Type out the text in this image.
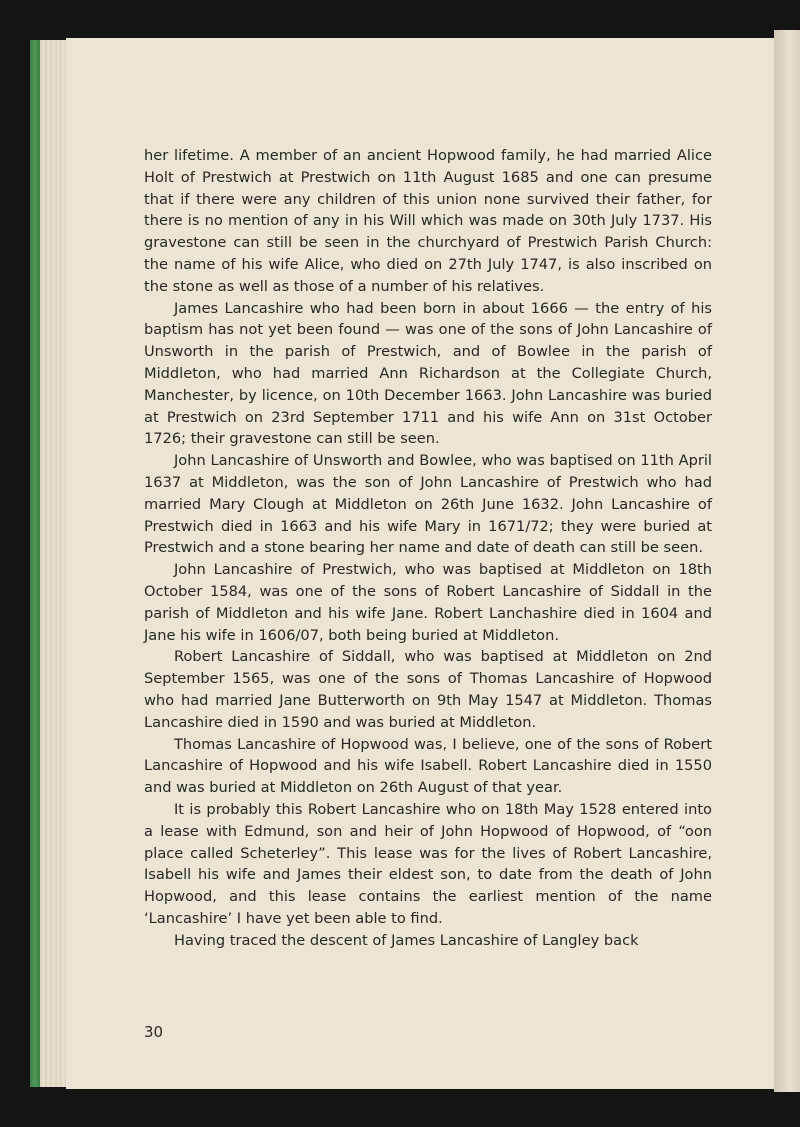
her lifetime. A member of an ancient Hopwood family, he had married Alice Holt of Prestwich at Prestwich on 11th August 1685 and one can presume that if there were any children of this union none survived their father, for there is no mention of any in his Will which was made on 30th July 1737. His gravestone can still be seen in the churchyard of Prestwich Parish Church: the name of his wife Alice, who died on 27th July 1747, is also inscribed on the stone as well as those of a number of his relatives.

James Lancashire who had been born in about 1666 — the entry of his baptism has not yet been found — was one of the sons of John Lancashire of Unsworth in the parish of Prestwich, and of Bowlee in the parish of Middleton, who had married Ann Richardson at the Collegiate Church, Manchester, by licence, on 10th December 1663. John Lancashire was buried at Prestwich on 23rd September 1711 and his wife Ann on 31st October 1726; their gravestone can still be seen.

John Lancashire of Unsworth and Bowlee, who was baptised on 11th April 1637 at Middleton, was the son of John Lancashire of Prestwich who had married Mary Clough at Middleton on 26th June 1632. John Lancashire of Prestwich died in 1663 and his wife Mary in 1671/72; they were buried at Prestwich and a stone bearing her name and date of death can still be seen.

John Lancashire of Prestwich, who was baptised at Middleton on 18th October 1584, was one of the sons of Robert Lancashire of Siddall in the parish of Middleton and his wife Jane. Robert Lanchashire died in 1604 and Jane his wife in 1606/07, both being buried at Middleton.

Robert Lancashire of Siddall, who was baptised at Middleton on 2nd September 1565, was one of the sons of Thomas Lancashire of Hopwood who had married Jane Butterworth on 9th May 1547 at Middleton. Thomas Lancashire died in 1590 and was buried at Middleton.

Thomas Lancashire of Hopwood was, I believe, one of the sons of Robert Lancashire of Hopwood and his wife Isabell. Robert Lancashire died in 1550 and was buried at Middleton on 26th August of that year.

It is probably this Robert Lancashire who on 18th May 1528 entered into a lease with Edmund, son and heir of John Hopwood of Hopwood, of “oon place called Scheterley”. This lease was for the lives of Robert Lancashire, Isabell his wife and James their eldest son, to date from the death of John Hopwood, and this lease contains the earliest mention of the name ‘Lancashire’ I have yet been able to find.

Having traced the descent of James Lancashire of Langley back

30
